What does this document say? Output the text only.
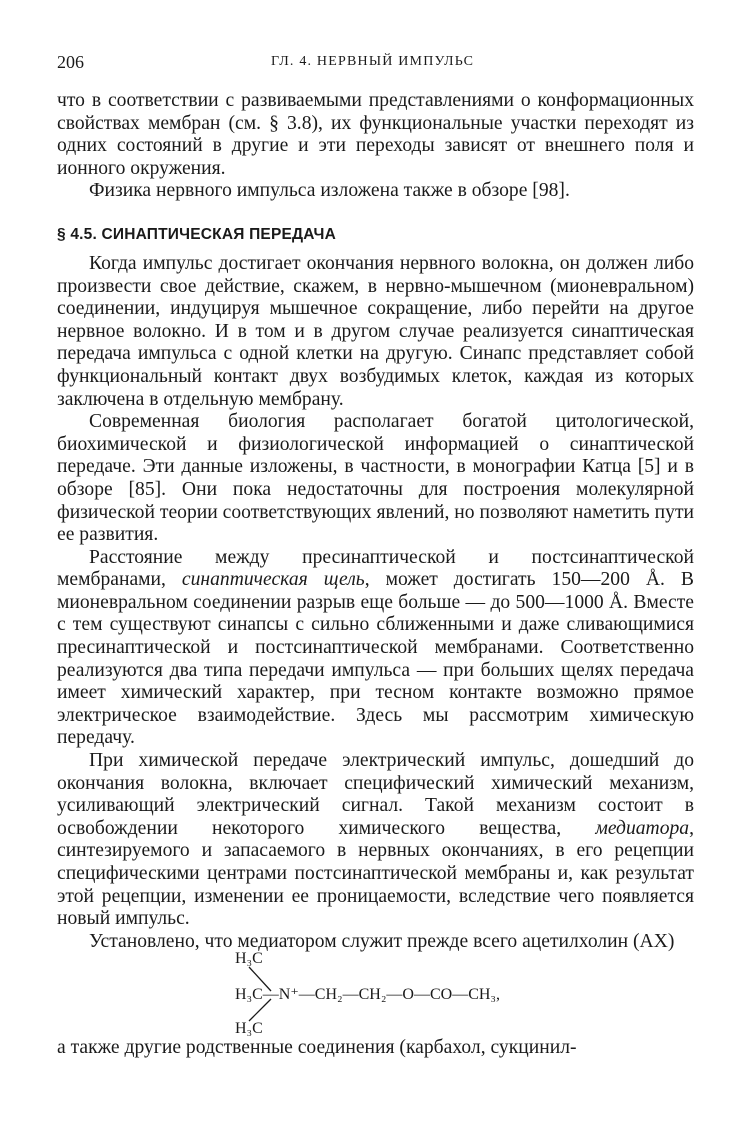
206	ГЛ. 4. НЕРВНЫЙ ИМПУЛЬС

что в соответствии с развиваемыми представлениями о конформационных свойствах мембран (см. § 3.8), их функциональные участки переходят из одних состояний в другие и эти переходы зависят от внешнего поля и ионного окружения.

Физика нервного импульса изложена также в обзоре [98].

§ 4.5. СИНАПТИЧЕСКАЯ ПЕРЕДАЧА

Когда импульс достигает окончания нервного волокна, он должен либо произвести свое действие, скажем, в нервно-мышечном (мионевральном) соединении, индуцируя мышечное сокращение, либо перейти на другое нервное волокно. И в том и в другом случае реализуется синаптическая передача импульса с одной клетки на другую. Синапс представляет собой функциональный контакт двух возбудимых клеток, каждая из которых заключена в отдельную мембрану.

Современная биология располагает богатой цитологической, биохимической и физиологической информацией о синаптической передаче. Эти данные изложены, в частности, в монографии Катца [5] и в обзоре [85]. Они пока недостаточны для построения молекулярной физической теории соответствующих явлений, но позволяют наметить пути ее развития.

Расстояние между пресинаптической и постсинаптической мембранами, синаптическая щель, может достигать 150—200 Å. В мионевральном соединении разрыв еще больше — до 500—1000 Å. Вместе с тем существуют синапсы с сильно сближенными и даже сливающимися пресинаптической и постсинаптической мембранами. Соответственно реализуются два типа передачи импульса — при больших щелях передача имеет химический характер, при тесном контакте возможно прямое электрическое взаимодействие. Здесь мы рассмотрим химическую передачу.

При химической передаче электрический импульс, дошедший до окончания волокна, включает специфический химический механизм, усиливающий электрический сигнал. Такой механизм состоит в освобождении некоторого химического вещества, медиатора, синтезируемого и запасаемого в нервных окончаниях, в его рецепции специфическими центрами постсинаптической мембраны и, как результат этой рецепции, изменении ее проницаемости, вследствие чего появляется новый импульс.

Установлено, что медиатором служит прежде всего ацетилхолин (АХ)

H₃C
H₃C—N⁺—CH₂—CH₂—O—CO—CH₃,
H₃C

а также другие родственные соединения (карбахол, сукцинил-
